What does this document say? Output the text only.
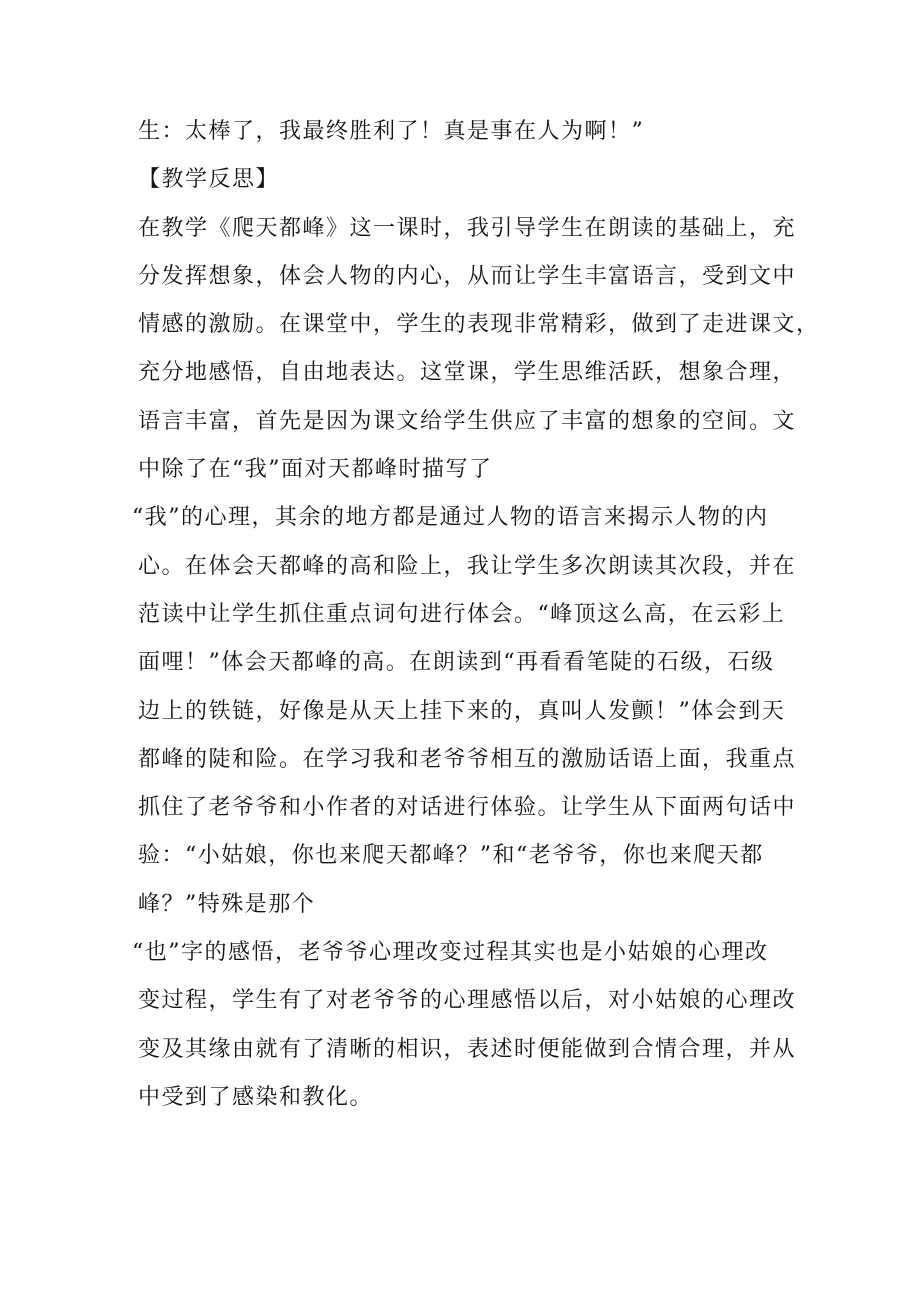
生：太棒了，我最终胜利了！真是事在人为啊！”
【教学反思】
在教学《爬天都峰》这一课时，我引导学生在朗读的基础上，充
分发挥想象，体会人物的内心，从而让学生丰富语言，受到文中
情感的激励。在课堂中，学生的表现非常精彩，做到了走进课文，
充分地感悟，自由地表达。这堂课，学生思维活跃，想象合理，
语言丰富，首先是因为课文给学生供应了丰富的想象的空间。文
中除了在“我”面对天都峰时描写了
“我”的心理，其余的地方都是通过人物的语言来揭示人物的内
心。在体会天都峰的高和险上，我让学生多次朗读其次段，并在
范读中让学生抓住重点词句进行体会。“峰顶这么高，在云彩上
面哩！”体会天都峰的高。在朗读到“再看看笔陡的石级，石级
边上的铁链，好像是从天上挂下来的，真叫人发颤！”体会到天
都峰的陡和险。在学习我和老爷爷相互的激励话语上面，我重点
抓住了老爷爷和小作者的对话进行体验。让学生从下面两句话中
验：“小姑娘，你也来爬天都峰？”和“老爷爷，你也来爬天都
峰？”特殊是那个
“也”字的感悟，老爷爷心理改变过程其实也是小姑娘的心理改
变过程，学生有了对老爷爷的心理感悟以后，对小姑娘的心理改
变及其缘由就有了清晰的相识，表述时便能做到合情合理，并从
中受到了感染和教化。
